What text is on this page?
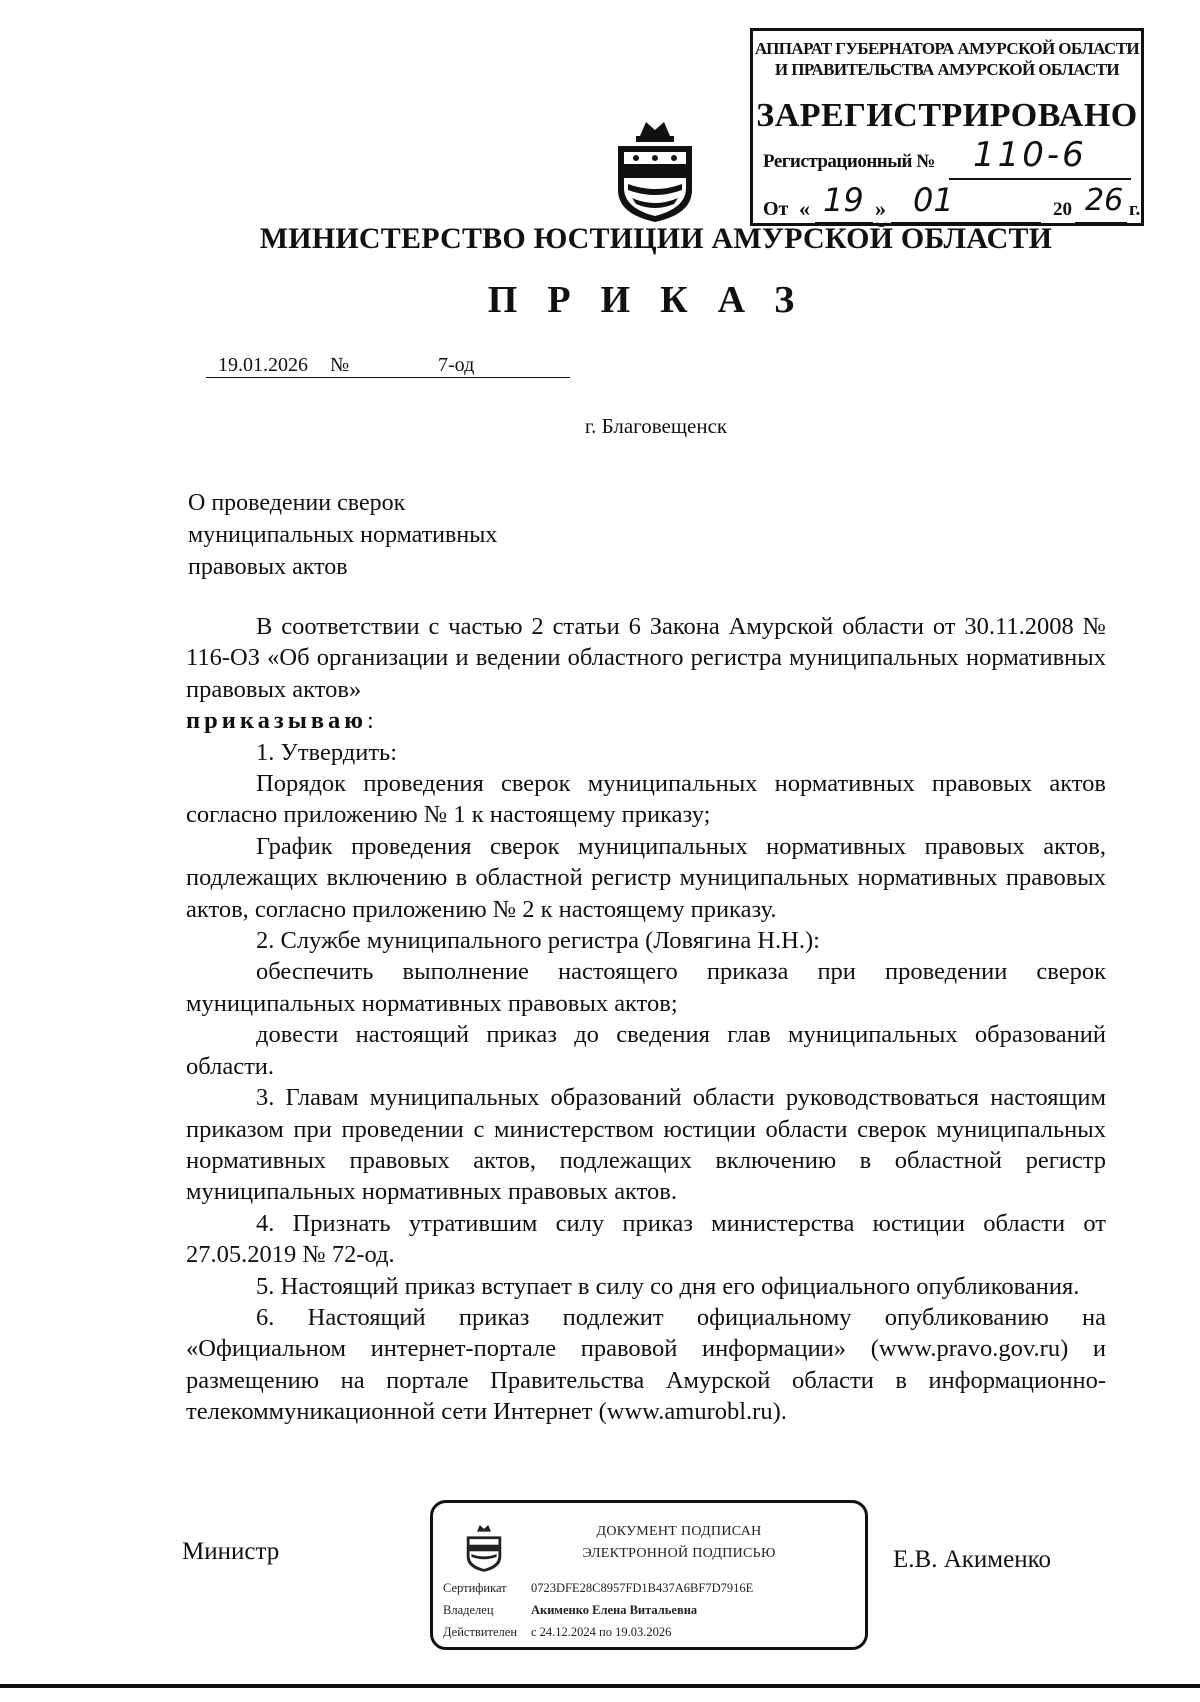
АППАРАТ ГУБЕРНАТОРА АМУРСКОЙ ОБЛАСТИ
И ПРАВИТЕЛЬСТВА АМУРСКОЙ ОБЛАСТИ
ЗАРЕГИСТРИРОВАНО
Регистрационный № 110-6
От « 19 » 01	20 26 г.
МИНИСТЕРСТВО ЮСТИЦИИ АМУРСКОЙ ОБЛАСТИ
ПРИКАЗ
19.01.2026 №	7-од
г. Благовещенск
О проведении сверок
муниципальных нормативных
правовых актов

В соответствии с частью 2 статьи 6 Закона Амурской области от 30.11.2008 № 116-ОЗ «Об организации и ведении областного регистра муниципальных нормативных правовых актов»

приказываю:

1. Утвердить:

Порядок проведения сверок муниципальных нормативных правовых актов согласно приложению № 1 к настоящему приказу;

График проведения сверок муниципальных нормативных правовых актов, подлежащих включению в областной регистр муниципальных нормативных правовых актов, согласно приложению № 2 к настоящему приказу.

2. Службе муниципального регистра (Ловягина Н.Н.):

обеспечить выполнение настоящего приказа при проведении сверок муниципальных нормативных правовых актов;

довести настоящий приказ до сведения глав муниципальных образований области.

3. Главам муниципальных образований области руководствоваться настоящим приказом при проведении с министерством юстиции области сверок муниципальных нормативных правовых актов, подлежащих включению в областной регистр муниципальных нормативных правовых актов.

4. Признать утратившим силу приказ министерства юстиции области от 27.05.2019 № 72-од.

5. Настоящий приказ вступает в силу со дня его официального опубликования.

6. Настоящий приказ подлежит официальному опубликованию на «Официальном интернет-портале правовой информации» (www.pravo.gov.ru) и размещению на портале Правительства Амурской области в информационно-телекоммуникационной сети Интернет (www.amurobl.ru).

Министр	Е.В. Акименко
ДОКУМЕНТ ПОДПИСАН
ЭЛЕКТРОННОЙ ПОДПИСЬЮ
Сертификат 0723DFE28C8957FD1B437A6BF7D7916E
Владелец	Акименко Елена Витальевна
Действителен с 24.12.2024 по 19.03.2026
